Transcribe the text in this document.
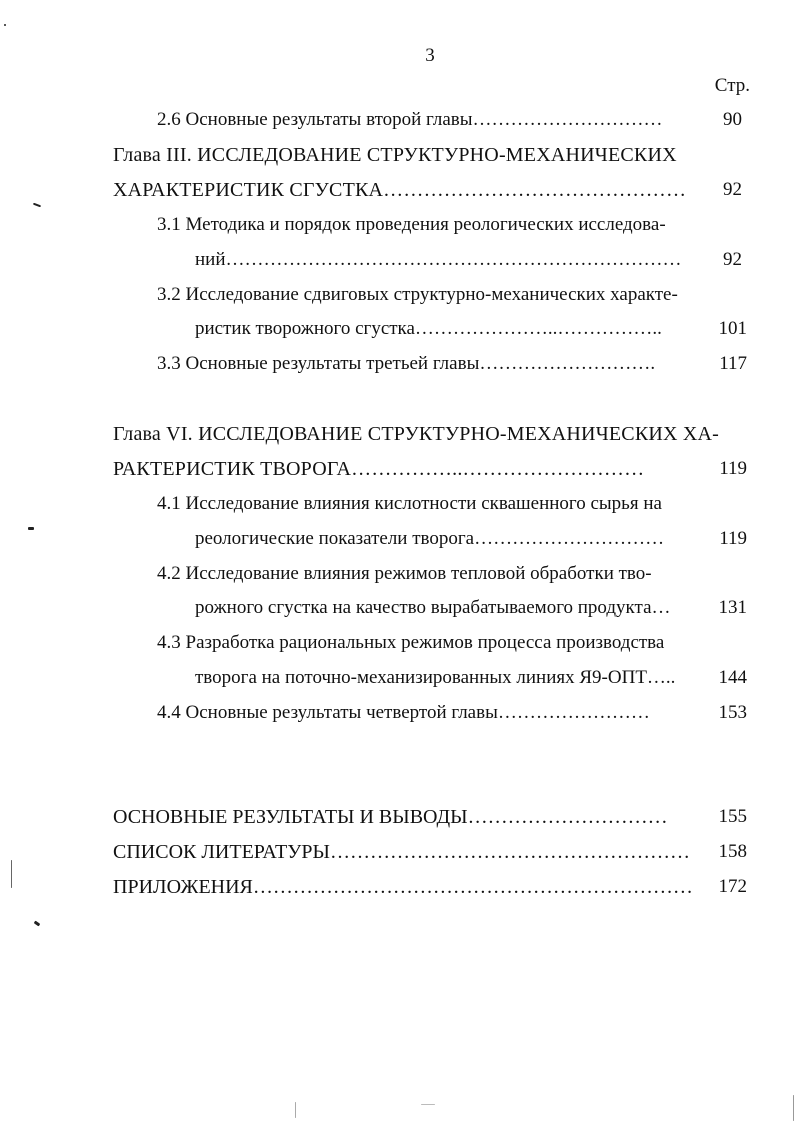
3
Стр.
2.6 Основные результаты второй главы…………………………	90
Глава III. ИССЛЕДОВАНИЕ СТРУКТУРНО-МЕХАНИЧЕСКИХ
ХАРАКТЕРИСТИК СГУСТКА………………………………………	92
3.1 Методика и порядок проведения реологических исследова-
ний………………………………………………………………	92
3.2 Исследование сдвиговых структурно-механических характе-
ристик творожного сгустка…………………..……………..	101
3.3 Основные результаты третьей главы……………………….	117
Глава VI. ИССЛЕДОВАНИЕ СТРУКТУРНО-МЕХАНИЧЕСКИХ ХА-
РАКТЕРИСТИК ТВОРОГА……………..………………………	119
4.1 Исследование влияния кислотности сквашенного сырья на
реологические показатели творога…………………………	119
4.2 Исследование влияния режимов тепловой обработки тво-
рожного сгустка на качество вырабатываемого продукта…	131
4.3 Разработка рациональных режимов процесса производства
творога на поточно-механизированных линиях Я9-ОПТ…..	144
4.4 Основные результаты четвертой главы……………………	153
ОСНОВНЫЕ РЕЗУЛЬТАТЫ И ВЫВОДЫ…………………………	155
СПИСОК ЛИТЕРАТУРЫ………………………………………………	158
ПРИЛОЖЕНИЯ…………………………………………………………	172
